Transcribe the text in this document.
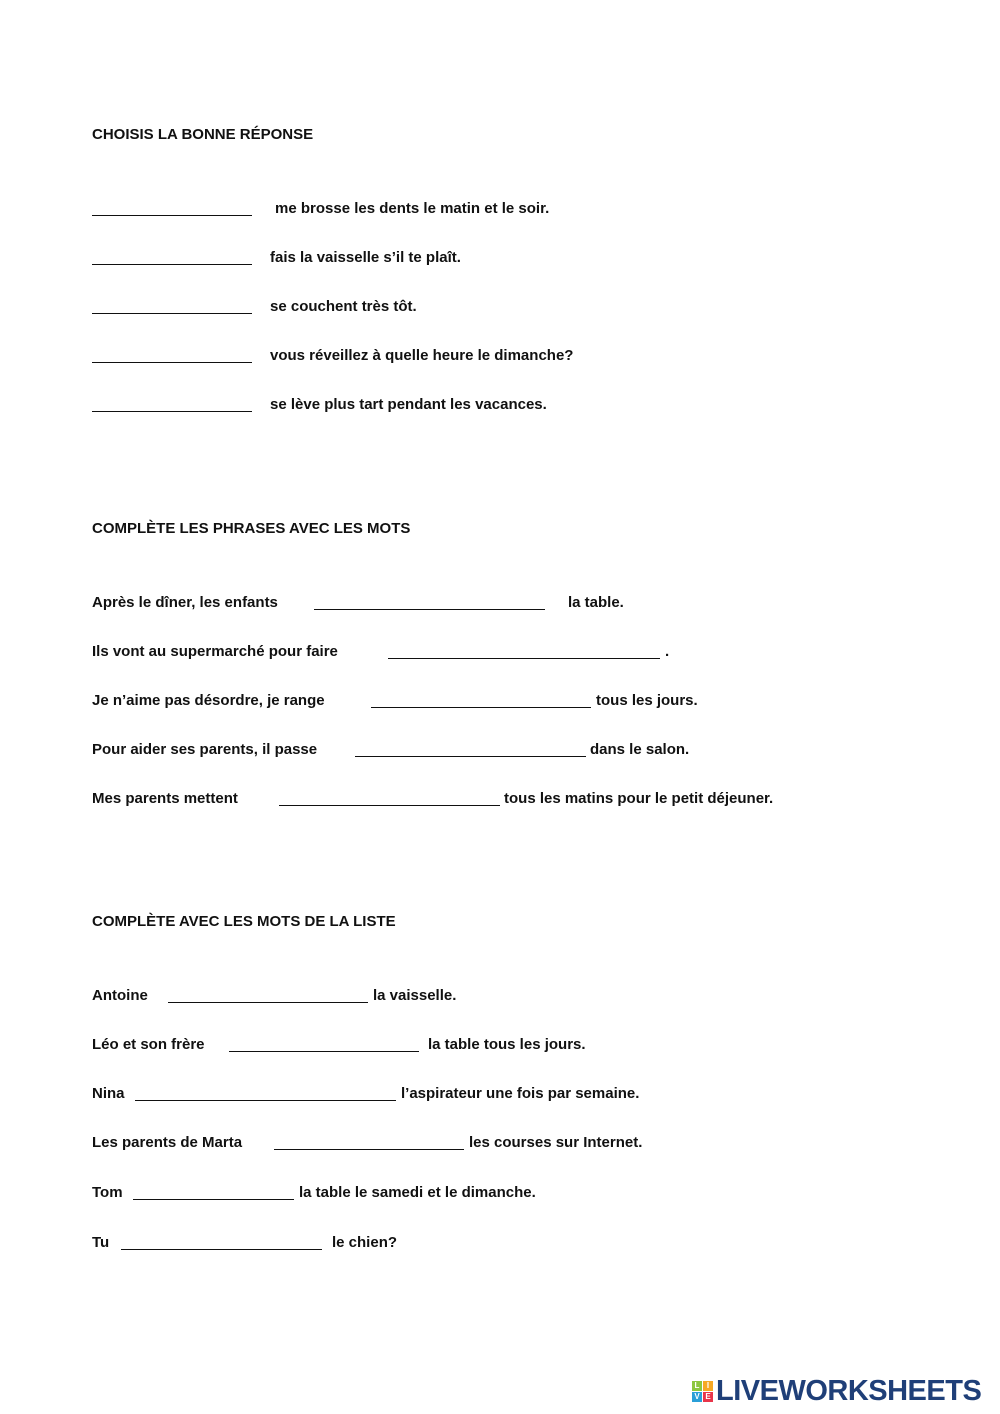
CHOISIS LA BONNE RÉPONSE
me brosse les dents le matin et le soir.
fais la vaisselle s’il te plaît.
se couchent très tôt.
vous réveillez à quelle heure le dimanche?
se lève plus tart pendant les vacances.
COMPLÈTE LES PHRASES AVEC LES MOTS
Après le dîner, les enfants	la table.
Ils vont au supermarché pour faire	.
Je n’aime pas désordre, je range	tous les jours.
Pour aider ses parents, il passe	dans le salon.
Mes parents mettent	tous les matins pour le petit déjeuner.
COMPLÈTE AVEC LES MOTS DE LA LISTE
Antoine	la vaisselle.
Léo et son frère	la table tous les jours.
Nina	l’aspirateur une fois par semaine.
Les parents de Marta	les courses sur Internet.
Tom	la table le samedi et le dimanche.
Tu	le chien?
L I
V E LIVEWORKSHEETS
